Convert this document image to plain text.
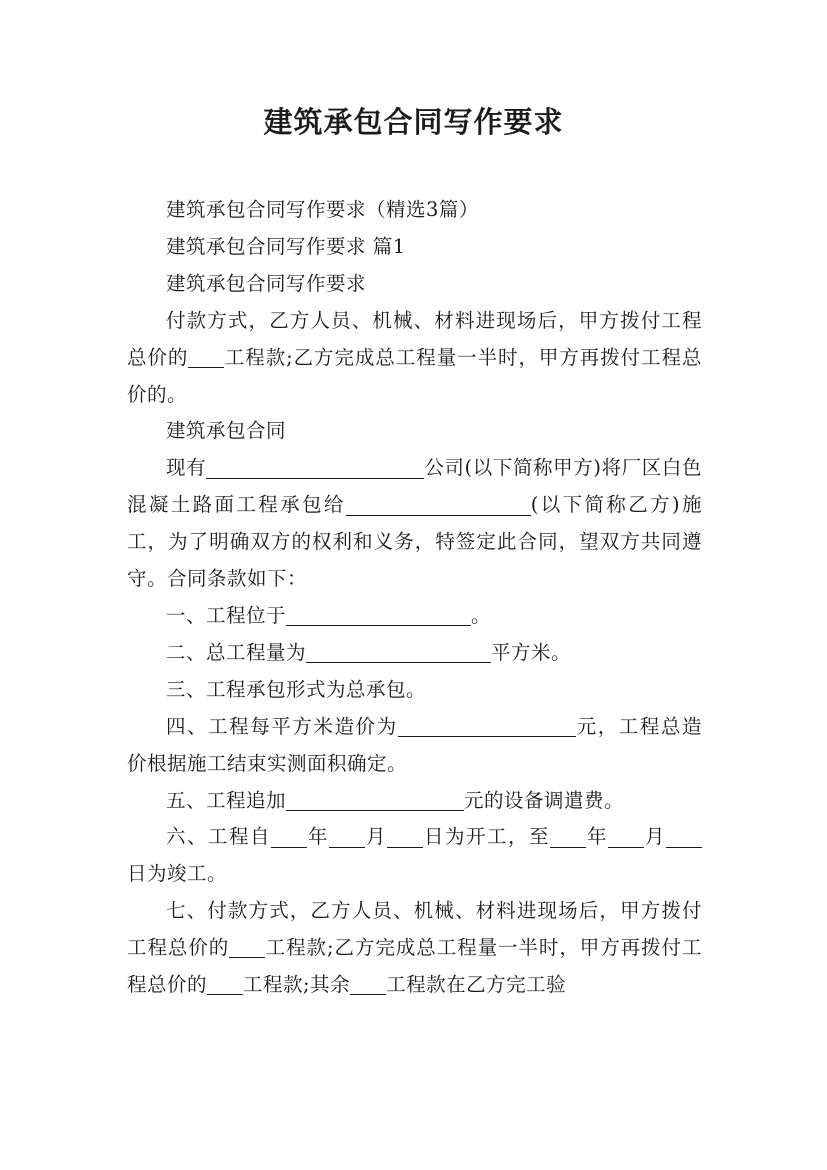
建筑承包合同写作要求

建筑承包合同写作要求（精选3篇）

建筑承包合同写作要求 篇1

建筑承包合同写作要求

付款方式，乙方人员、机械、材料进现场后，甲方拨付工程总价的 工程款;乙方完成总工程量一半时，甲方再拨付工程总价的。

建筑承包合同

现有	公司(以下简称甲方)将厂区白色混凝土路面工程承包给	(以下简称乙方)施工，为了明确双方的权利和义务，特签定此合同，望双方共同遵守。合同条款如下：

一、工程位于	。

二、总工程量为	平方米。

三、工程承包形式为总承包。

四、工程每平方米造价为	元，工程总造价根据施工结束实测面积确定。

五、工程追加	元的设备调遣费。

六、工程自 年 月 日为开工，至 年 月日为竣工。

七、付款方式，乙方人员、机械、材料进现场后，甲方拨付工程总价的 工程款;乙方完成总工程量一半时，甲方再拨付工程总价的 工程款;其余 工程款在乙方完工验
